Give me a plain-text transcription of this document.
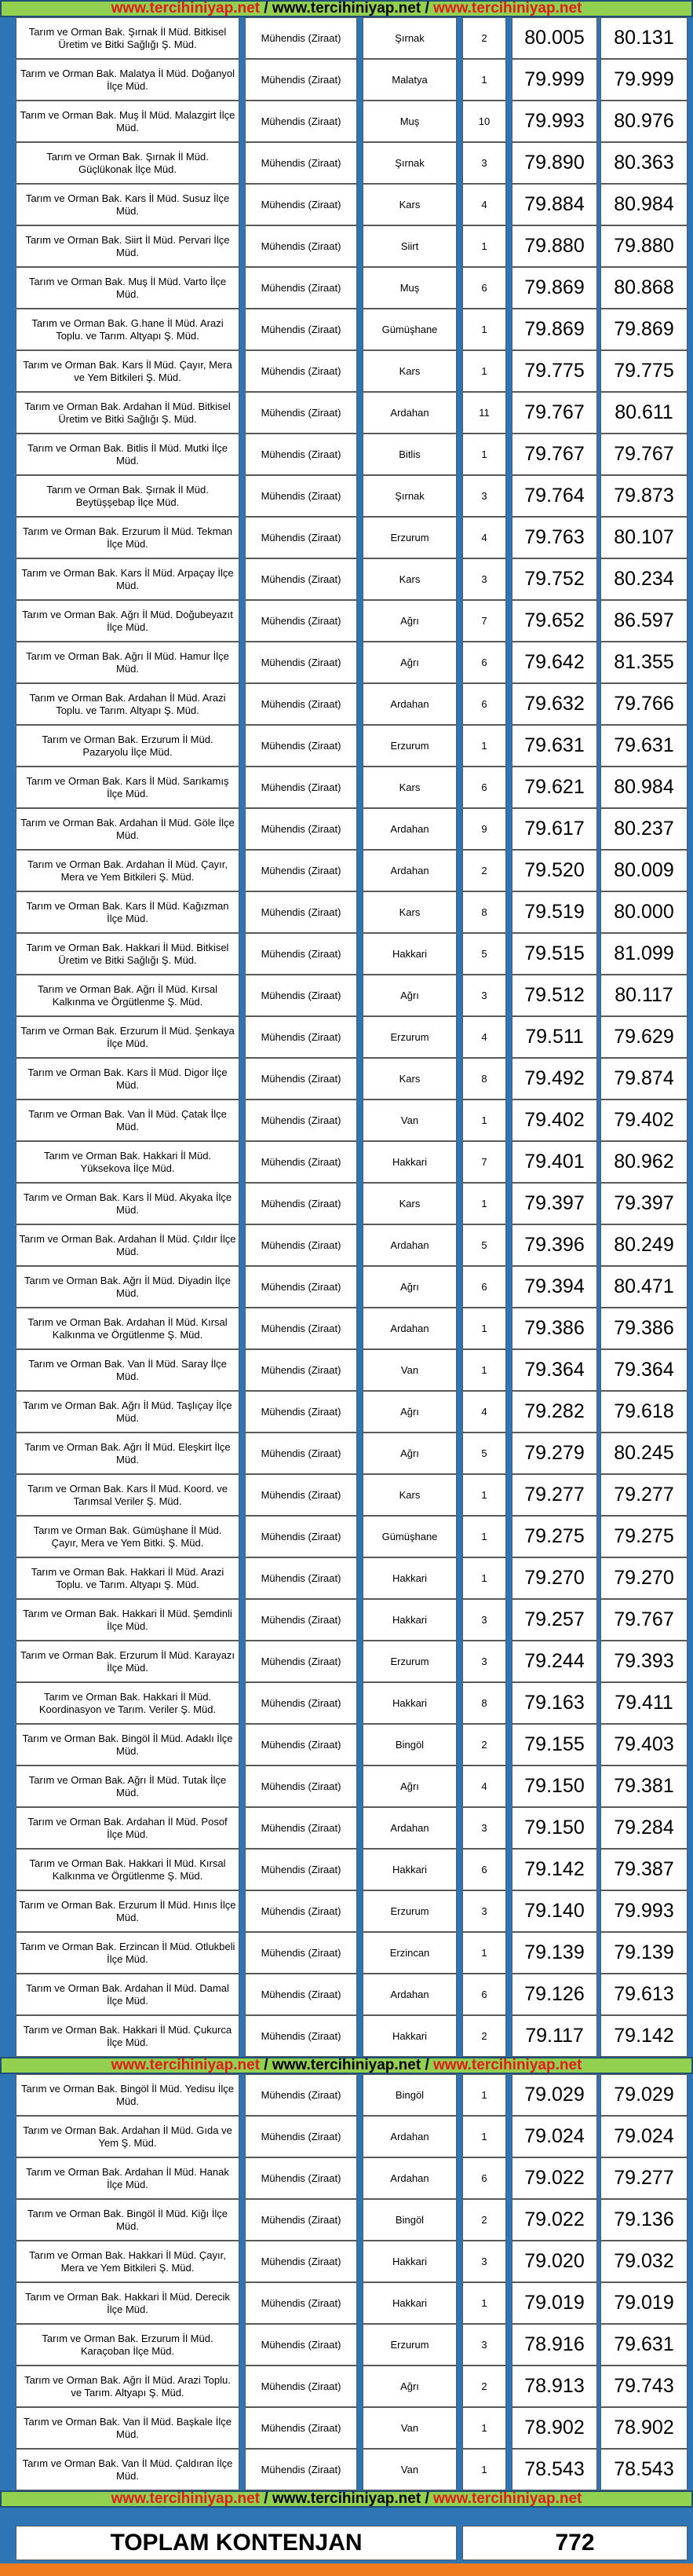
www.tercihiniyap.net / www.tercihiniyap.net / www.tercihiniyap.net
Tarım ve Orman Bak. Şırnak İl Müd. Bitkisel Üretim ve Bitki Sağlığı Ş. Müd.	Mühendis (Ziraat)	Şırnak	2	80.005	80.131
Tarım ve Orman Bak. Malatya İl Müd. Doğanyol İlçe Müd.	Mühendis (Ziraat)	Malatya	1	79.999	79.999
Tarım ve Orman Bak. Muş İl Müd. Malazgirt İlçe Müd.	Mühendis (Ziraat)	Muş	10	79.993	80.976
Tarım ve Orman Bak. Şırnak İl Müd. Güçlükonak İlçe Müd.	Mühendis (Ziraat)	Şırnak	3	79.890	80.363
Tarım ve Orman Bak. Kars İl Müd. Susuz İlçe Müd.	Mühendis (Ziraat)	Kars	4	79.884	80.984
Tarım ve Orman Bak. Siirt İl Müd. Pervari İlçe Müd.	Mühendis (Ziraat)	Siirt	1	79.880	79.880
Tarım ve Orman Bak. Muş İl Müd. Varto İlçe Müd.	Mühendis (Ziraat)	Muş	6	79.869	80.868
Tarım ve Orman Bak. G.hane İl Müd. Arazi Toplu. ve Tarım. Altyapı Ş. Müd.	Mühendis (Ziraat)	Gümüşhane	1	79.869	79.869
Tarım ve Orman Bak. Kars İl Müd. Çayır, Mera ve Yem Bitkileri Ş. Müd.	Mühendis (Ziraat)	Kars	1	79.775	79.775
Tarım ve Orman Bak. Ardahan İl Müd. Bitkisel Üretim ve Bitki Sağlığı Ş. Müd.	Mühendis (Ziraat)	Ardahan	11	79.767	80.611
Tarım ve Orman Bak. Bitlis İl Müd. Mutki İlçe Müd.	Mühendis (Ziraat)	Bitlis	1	79.767	79.767
Tarım ve Orman Bak. Şırnak İl Müd. Beytüşşebap İlçe Müd.	Mühendis (Ziraat)	Şırnak	3	79.764	79.873
Tarım ve Orman Bak. Erzurum İl Müd. Tekman İlçe Müd.	Mühendis (Ziraat)	Erzurum	4	79.763	80.107
Tarım ve Orman Bak. Kars İl Müd. Arpaçay İlçe Müd.	Mühendis (Ziraat)	Kars	3	79.752	80.234
Tarım ve Orman Bak. Ağrı İl Müd. Doğubeyazıt İlçe Müd.	Mühendis (Ziraat)	Ağrı	7	79.652	86.597
Tarım ve Orman Bak. Ağrı İl Müd. Hamur İlçe Müd.	Mühendis (Ziraat)	Ağrı	6	79.642	81.355
Tarım ve Orman Bak. Ardahan İl Müd. Arazi Toplu. ve Tarım. Altyapı Ş. Müd.	Mühendis (Ziraat)	Ardahan	6	79.632	79.766
Tarım ve Orman Bak. Erzurum İl Müd. Pazaryolu İlçe Müd.	Mühendis (Ziraat)	Erzurum	1	79.631	79.631
Tarım ve Orman Bak. Kars İl Müd. Sarıkamış İlçe Müd.	Mühendis (Ziraat)	Kars	6	79.621	80.984
Tarım ve Orman Bak. Ardahan İl Müd. Göle İlçe Müd.	Mühendis (Ziraat)	Ardahan	9	79.617	80.237
Tarım ve Orman Bak. Ardahan İl Müd. Çayır, Mera ve Yem Bitkileri Ş. Müd.	Mühendis (Ziraat)	Ardahan	2	79.520	80.009
Tarım ve Orman Bak. Kars İl Müd. Kağızman İlçe Müd.	Mühendis (Ziraat)	Kars	8	79.519	80.000
Tarım ve Orman Bak. Hakkari İl Müd. Bitkisel Üretim ve Bitki Sağlığı Ş. Müd.	Mühendis (Ziraat)	Hakkari	5	79.515	81.099
Tarım ve Orman Bak. Ağrı İl Müd. Kırsal Kalkınma ve Örgütlenme Ş. Müd.	Mühendis (Ziraat)	Ağrı	3	79.512	80.117
Tarım ve Orman Bak. Erzurum İl Müd. Şenkaya İlçe Müd.	Mühendis (Ziraat)	Erzurum	4	79.511	79.629
Tarım ve Orman Bak. Kars İl Müd. Digor İlçe Müd.	Mühendis (Ziraat)	Kars	8	79.492	79.874
Tarım ve Orman Bak. Van İl Müd. Çatak İlçe Müd.	Mühendis (Ziraat)	Van	1	79.402	79.402
Tarım ve Orman Bak. Hakkari İl Müd. Yüksekova İlçe Müd.	Mühendis (Ziraat)	Hakkari	7	79.401	80.962
Tarım ve Orman Bak. Kars İl Müd. Akyaka İlçe Müd.	Mühendis (Ziraat)	Kars	1	79.397	79.397
Tarım ve Orman Bak. Ardahan İl Müd. Çıldır İlçe Müd.	Mühendis (Ziraat)	Ardahan	5	79.396	80.249
Tarım ve Orman Bak. Ağrı İl Müd. Diyadin İlçe Müd.	Mühendis (Ziraat)	Ağrı	6	79.394	80.471
Tarım ve Orman Bak. Ardahan İl Müd. Kırsal Kalkınma ve Örgütlenme Ş. Müd.	Mühendis (Ziraat)	Ardahan	1	79.386	79.386
Tarım ve Orman Bak. Van İl Müd. Saray İlçe Müd.	Mühendis (Ziraat)	Van	1	79.364	79.364
Tarım ve Orman Bak. Ağrı İl Müd. Taşlıçay İlçe Müd.	Mühendis (Ziraat)	Ağrı	4	79.282	79.618
Tarım ve Orman Bak. Ağrı İl Müd. Eleşkirt İlçe Müd.	Mühendis (Ziraat)	Ağrı	5	79.279	80.245
Tarım ve Orman Bak. Kars İl Müd. Koord. ve Tarımsal Veriler Ş. Müd.	Mühendis (Ziraat)	Kars	1	79.277	79.277
Tarım ve Orman Bak. Gümüşhane İl Müd. Çayır, Mera ve Yem Bitki. Ş. Müd.	Mühendis (Ziraat)	Gümüşhane	1	79.275	79.275
Tarım ve Orman Bak. Hakkari İl Müd. Arazi Toplu. ve Tarım. Altyapı Ş. Müd.	Mühendis (Ziraat)	Hakkari	1	79.270	79.270
Tarım ve Orman Bak. Hakkari İl Müd. Şemdinli İlçe Müd.	Mühendis (Ziraat)	Hakkari	3	79.257	79.767
Tarım ve Orman Bak. Erzurum İl Müd. Karayazı İlçe Müd.	Mühendis (Ziraat)	Erzurum	3	79.244	79.393
Tarım ve Orman Bak. Hakkari İl Müd. Koordinasyon ve Tarım. Veriler Ş. Müd.	Mühendis (Ziraat)	Hakkari	8	79.163	79.411
Tarım ve Orman Bak. Bingöl İl Müd. Adaklı İlçe Müd.	Mühendis (Ziraat)	Bingöl	2	79.155	79.403
Tarım ve Orman Bak. Ağrı İl Müd. Tutak İlçe Müd.	Mühendis (Ziraat)	Ağrı	4	79.150	79.381
Tarım ve Orman Bak. Ardahan İl Müd. Posof İlçe Müd.	Mühendis (Ziraat)	Ardahan	3	79.150	79.284
Tarım ve Orman Bak. Hakkari İl Müd. Kırsal Kalkınma ve Örgütlenme Ş. Müd.	Mühendis (Ziraat)	Hakkari	6	79.142	79.387
Tarım ve Orman Bak. Erzurum İl Müd. Hınıs İlçe Müd.	Mühendis (Ziraat)	Erzurum	3	79.140	79.993
Tarım ve Orman Bak. Erzincan İl Müd. Otlukbeli İlçe Müd.	Mühendis (Ziraat)	Erzincan	1	79.139	79.139
Tarım ve Orman Bak. Ardahan İl Müd. Damal İlçe Müd.	Mühendis (Ziraat)	Ardahan	6	79.126	79.613
Tarım ve Orman Bak. Hakkari İl Müd. Çukurca İlçe Müd.	Mühendis (Ziraat)	Hakkari	2	79.117	79.142
www.tercihiniyap.net / www.tercihiniyap.net / www.tercihiniyap.net
Tarım ve Orman Bak. Bingöl İl Müd. Yedisu İlçe Müd.	Mühendis (Ziraat)	Bingöl	1	79.029	79.029
Tarım ve Orman Bak. Ardahan İl Müd. Gıda ve Yem Ş. Müd.	Mühendis (Ziraat)	Ardahan	1	79.024	79.024
Tarım ve Orman Bak. Ardahan İl Müd. Hanak İlçe Müd.	Mühendis (Ziraat)	Ardahan	6	79.022	79.277
Tarım ve Orman Bak. Bingöl İl Müd. Kiğı İlçe Müd.	Mühendis (Ziraat)	Bingöl	2	79.022	79.136
Tarım ve Orman Bak. Hakkari İl Müd. Çayır, Mera ve Yem Bitkileri Ş. Müd.	Mühendis (Ziraat)	Hakkari	3	79.020	79.032
Tarım ve Orman Bak. Hakkari İl Müd. Derecik İlçe Müd.	Mühendis (Ziraat)	Hakkari	1	79.019	79.019
Tarım ve Orman Bak. Erzurum İl Müd. Karaçoban İlçe Müd.	Mühendis (Ziraat)	Erzurum	3	78.916	79.631
Tarım ve Orman Bak. Ağrı İl Müd. Arazi Toplu. ve Tarım. Altyapı Ş. Müd.	Mühendis (Ziraat)	Ağrı	2	78.913	79.743
Tarım ve Orman Bak. Van İl Müd. Başkale İlçe Müd.	Mühendis (Ziraat)	Van	1	78.902	78.902
Tarım ve Orman Bak. Van İl Müd. Çaldıran İlçe Müd.	Mühendis (Ziraat)	Van	1	78.543	78.543
www.tercihiniyap.net / www.tercihiniyap.net / www.tercihiniyap.net
TOPLAM KONTENJAN	772
